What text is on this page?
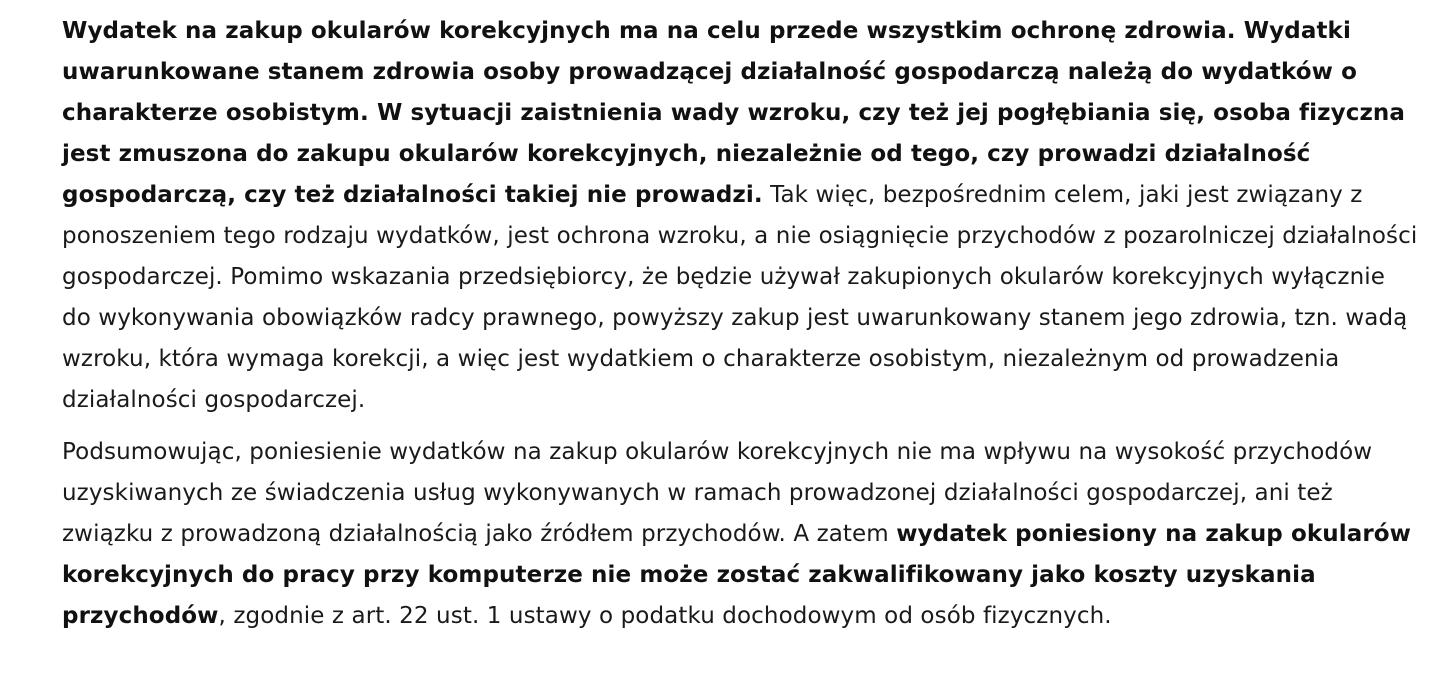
Wydatek na zakup okularów korekcyjnych ma na celu przede wszystkim ochronę zdrowia. Wydatki uwarunkowane stanem zdrowia osoby prowadzącej działalność gospodarczą należą do wydatków o charakterze osobistym. W sytuacji zaistnienia wady wzroku, czy też jej pogłębiania się, osoba fizyczna jest zmuszona do zakupu okularów korekcyjnych, niezależnie od tego, czy prowadzi działalność gospodarczą, czy też działalności takiej nie prowadzi. Tak więc, bezpośrednim celem, jaki jest związany z ponoszeniem tego rodzaju wydatków, jest ochrona wzroku, a nie osiągnięcie przychodów z pozarolniczej działalności gospodarczej. Pomimo wskazania przedsiębiorcy, że będzie używał zakupionych okularów korekcyjnych wyłącznie do wykonywania obowiązków radcy prawnego, powyższy zakup jest uwarunkowany stanem jego zdrowia, tzn. wadą wzroku, która wymaga korekcji, a więc jest wydatkiem o charakterze osobistym, niezależnym od prowadzenia działalności gospodarczej.

Podsumowując, poniesienie wydatków na zakup okularów korekcyjnych nie ma wpływu na wysokość przychodów uzyskiwanych ze świadczenia usług wykonywanych w ramach prowadzonej działalności gospodarczej, ani też związku z prowadzoną działalnością jako źródłem przychodów. A zatem wydatek poniesiony na zakup okularów korekcyjnych do pracy przy komputerze nie może zostać zakwalifikowany jako koszty uzyskania przychodów, zgodnie z art. 22 ust. 1 ustawy o podatku dochodowym od osób fizycznych.
